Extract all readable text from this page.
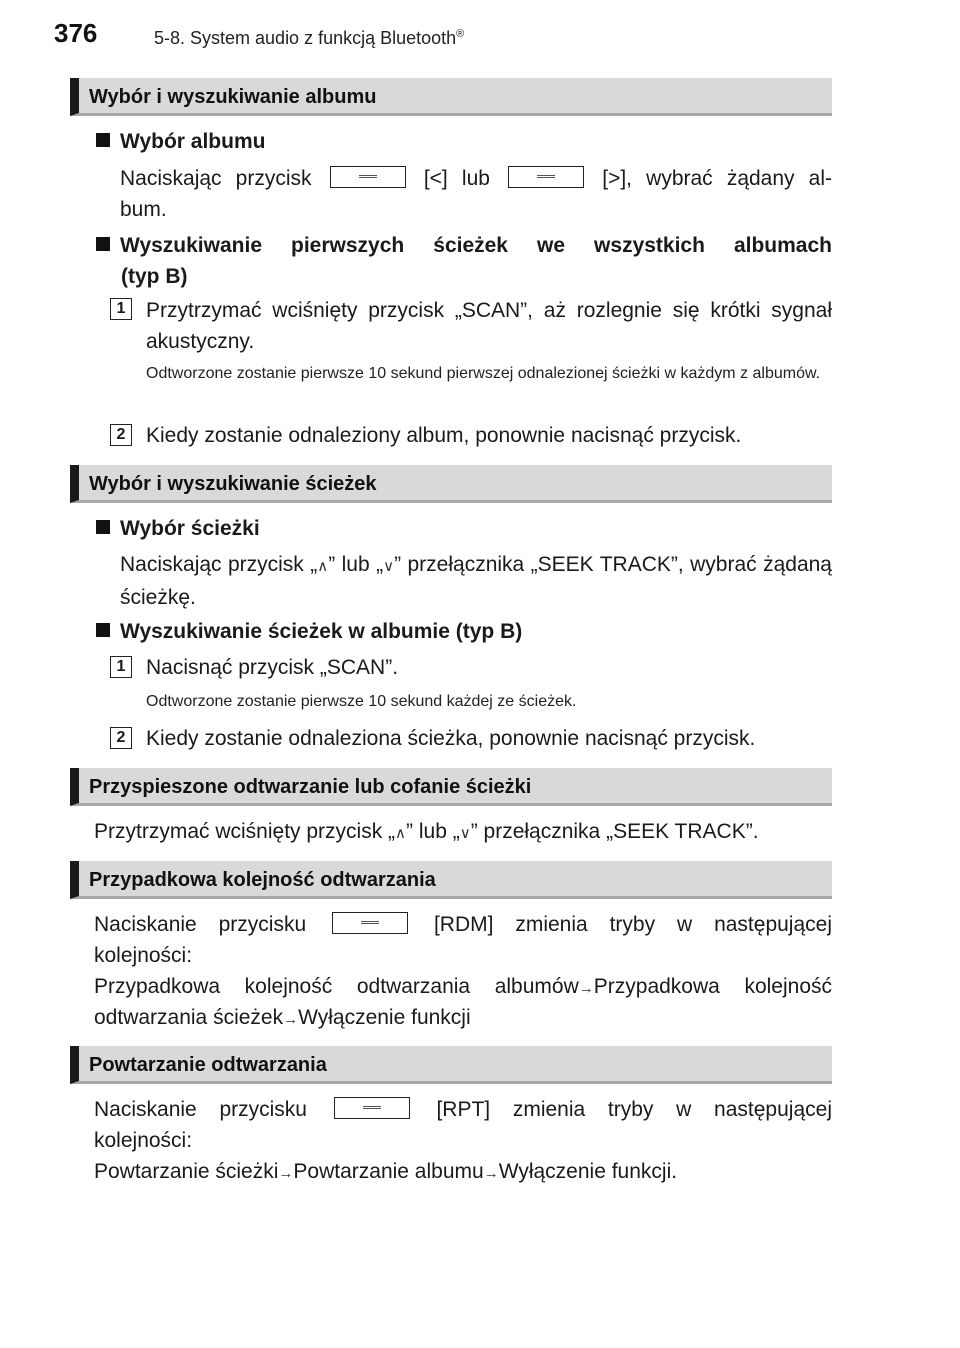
376	5-8. System audio z funkcją Bluetooth®
Wybór i wyszukiwanie albumu
Wybór albumu
Naciskając przycisk	[<] lub	[>], wybrać żądany al-
bum.
Wyszukiwanie pierwszych ścieżek we wszystkich albumach
(typ B)
1 Przytrzymać wciśnięty przycisk „SCAN”, aż rozlegnie się krótki sygnał akustyczny.
Odtworzone zostanie pierwsze 10 sekund pierwszej odnalezionej ścieżki w każdym z albumów.
2 Kiedy zostanie odnaleziony album, ponownie nacisnąć przycisk.
Wybór i wyszukiwanie ścieżek
Wybór ścieżki
Naciskając przycisk „∧” lub „∨” przełącznika „SEEK TRACK”, wybrać żądaną ścieżkę.
Wyszukiwanie ścieżek w albumie (typ B)
1 Nacisnąć przycisk „SCAN”.
Odtworzone zostanie pierwsze 10 sekund każdej ze ścieżek.
2 Kiedy zostanie odnaleziona ścieżka, ponownie nacisnąć przycisk.
Przyspieszone odtwarzanie lub cofanie ścieżki
Przytrzymać wciśnięty przycisk „∧” lub „∨” przełącznika „SEEK TRACK”.
Przypadkowa kolejność odtwarzania
Naciskanie przycisku	[RDM] zmienia tryby w następującej
kolejności:
Przypadkowa kolejność odtwarzania albumów→Przypadkowa kolejność
odtwarzania ścieżek→Wyłączenie funkcji
Powtarzanie odtwarzania
Naciskanie przycisku	[RPT] zmienia tryby w następującej
kolejności:
Powtarzanie ścieżki→Powtarzanie albumu→Wyłączenie funkcji.
